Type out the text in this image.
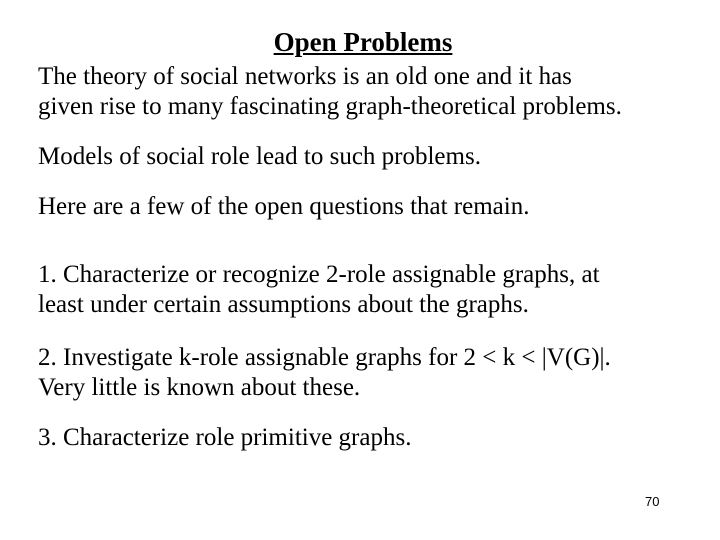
Open Problems
The theory of social networks is an old one and it has
given rise to many fascinating graph-theoretical problems.
Models of social role lead to such problems.
Here are a few of the open questions that remain.
1. Characterize or recognize 2-role assignable graphs, at
least under certain assumptions about the graphs.
2. Investigate k-role assignable graphs for 2 < k < |V(G)|.
Very little is known about these.
3. Characterize role primitive graphs.
70
